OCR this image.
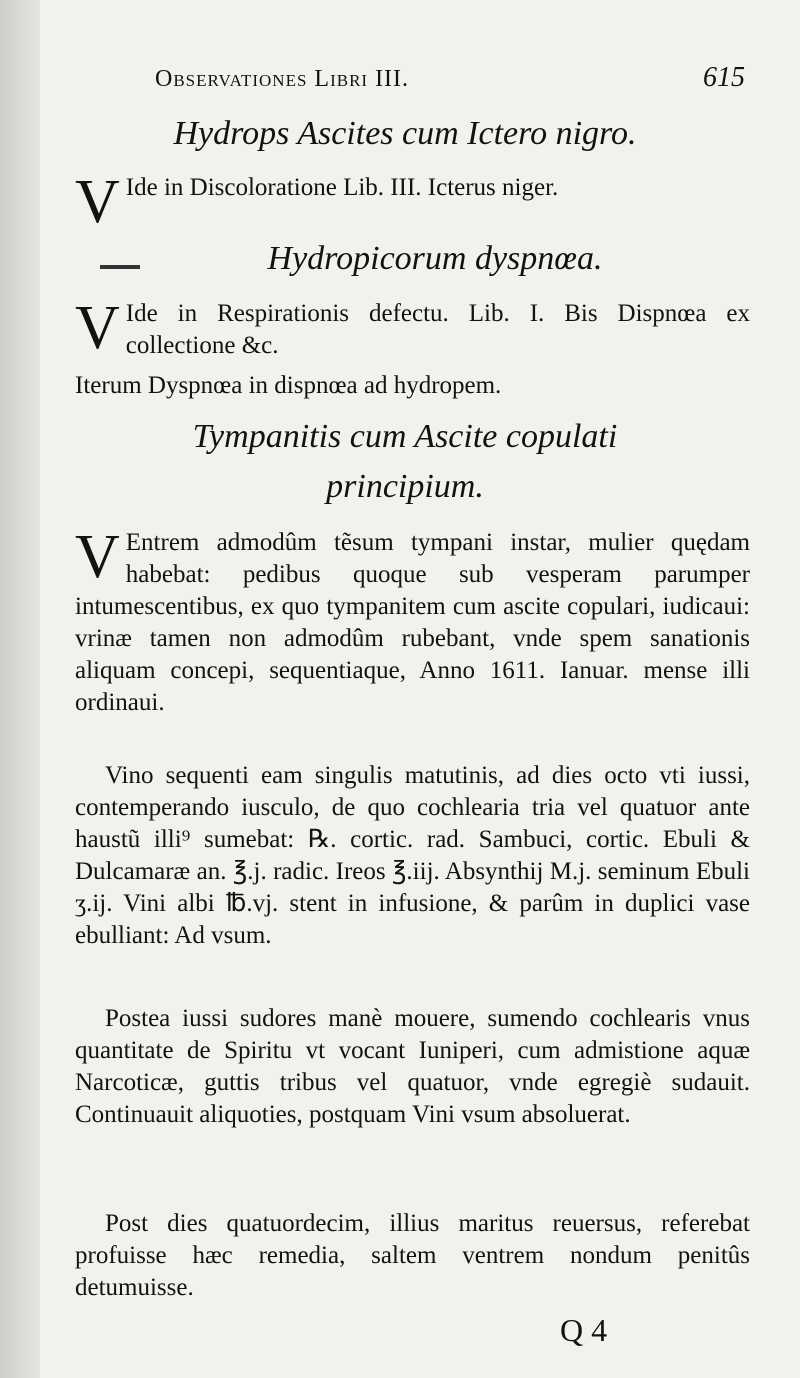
Observationes Libri III.	615
Hydrops Ascites cum Ictero nigro.
V Ide in Discoloratione Lib. III. Icterus niger.
Hydropicorum dyspnœa.
V Ide in Respirationis defectu. Lib. I. Bis Dispnœa ex collectione &c.
Iterum Dyspnœa in dispnœa ad hydropem.
Tympanitis cum Ascite copulati
principium.
V Entrem admodûm tẽsum tympani instar, mulier quędam habebat: pedibus quoque sub vesperam parumper intumescentibus, ex quo tympanitem cum ascite copulari, iudicaui: vrinæ tamen non admodûm rubebant, vnde spem sanationis aliquam concepi, sequentiaque, Anno 1611. Ianuar. mense illi ordinaui.
Vino sequenti eam singulis matutinis, ad dies octo vti iussi, contemperando iusculo, de quo cochlearia tria vel quatuor ante haustũ illi⁹ sumebat: ℞. cortic. rad. Sambuci, cortic. Ebuli & Dulcamaræ an. ℥.j. radic. Ireos ℥.iij. Absynthij M.j. seminum Ebuli ʒ.ij. Vini albi ℔.vj. stent in infusione, & parûm in duplici vase ebulliant: Ad vsum.
Postea iussi sudores manè mouere, sumendo cochlearis vnus quantitate de Spiritu vt vocant Iuniperi, cum admistione aquæ Narcoticæ, guttis tribus vel quatuor, vnde egregiè sudauit. Continuauit aliquoties, postquam Vini vsum absoluerat.
Post dies quatuordecim, illius maritus reuersus, referebat profuisse hæc remedia, saltem ventrem nondum penitûs detumuisse.
Q 4
